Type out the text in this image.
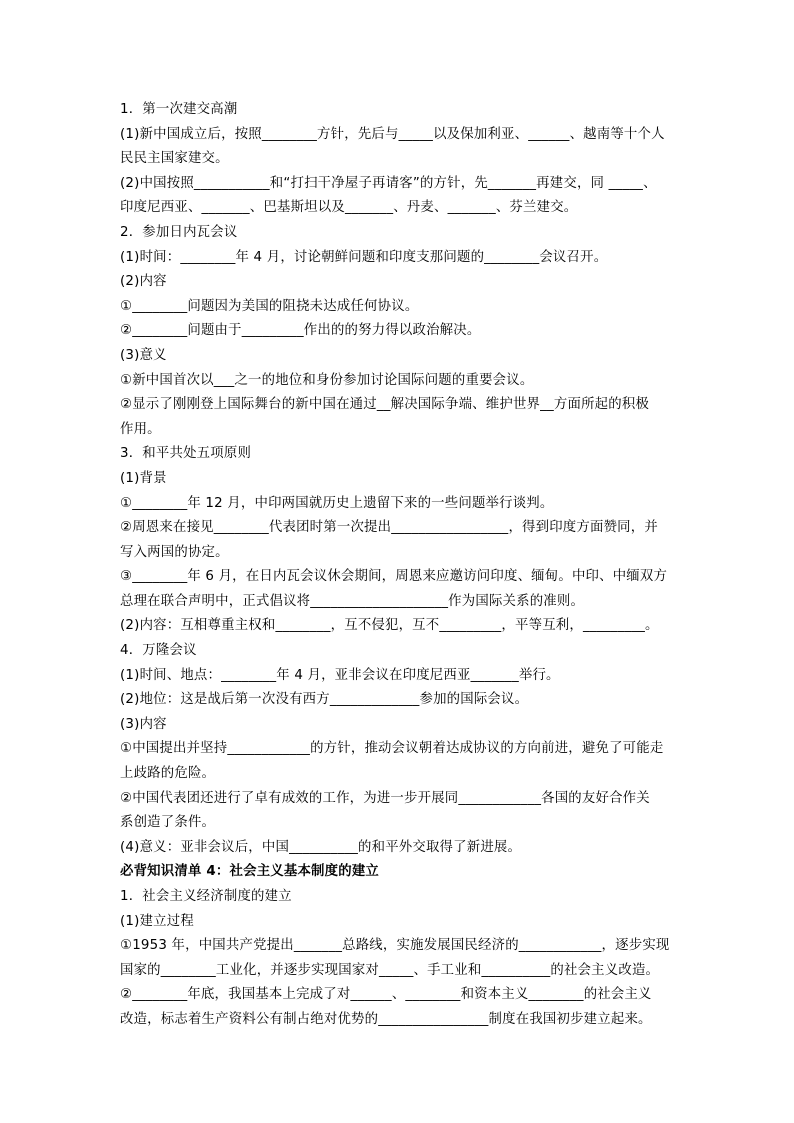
1．第一次建交高潮
(1)新中国成立后，按照________方针，先后与_____以及保加利亚、______、越南等十个人
民民主国家建交。
(2)中国按照___________和“打扫干净屋子再请客”的方针，先_______再建交，同 _____、
印度尼西亚、_______、巴基斯坦以及_______、丹麦、_______、芬兰建交。
2．参加日内瓦会议
(1)时间：________年 4 月，讨论朝鲜问题和印度支那问题的________会议召开。
(2)内容
①________问题因为美国的阻挠未达成任何协议。
②________问题由于_________作出的的努力得以政治解决。
(3)意义
①新中国首次以___之一的地位和身份参加讨论国际问题的重要会议。
②显示了刚刚登上国际舞台的新中国在通过__解决国际争端、维护世界__方面所起的积极
作用。
3．和平共处五项原则
(1)背景
①________年 12 月，中印两国就历史上遗留下来的一些问题举行谈判。
②周恩来在接见________代表团时第一次提出_________________，得到印度方面赞同，并
写入两国的协定。
③________年 6 月，在日内瓦会议休会期间，周恩来应邀访问印度、缅甸。中印、中缅双方
总理在联合声明中，正式倡议将____________________作为国际关系的准则。
(2)内容：互相尊重主权和________，互不侵犯，互不_________，平等互利，_________。
4．万隆会议
(1)时间、地点：________年 4 月，亚非会议在印度尼西亚_______举行。
(2)地位：这是战后第一次没有西方_____________参加的国际会议。
(3)内容
①中国提出并坚持____________的方针，推动会议朝着达成协议的方向前进，避免了可能走
上歧路的危险。
②中国代表团还进行了卓有成效的工作，为进一步开展同____________各国的友好合作关
系创造了条件。
(4)意义：亚非会议后，中国__________的和平外交取得了新进展。
必背知识清单 4：社会主义基本制度的建立
1．社会主义经济制度的建立
(1)建立过程
①1953 年，中国共产党提出_______总路线，实施发展国民经济的____________，逐步实现
国家的________工业化，并逐步实现国家对_____、手工业和__________的社会主义改造。
②________年底，我国基本上完成了对______、________和资本主义________的社会主义
改造，标志着生产资料公有制占绝对优势的________________制度在我国初步建立起来。
